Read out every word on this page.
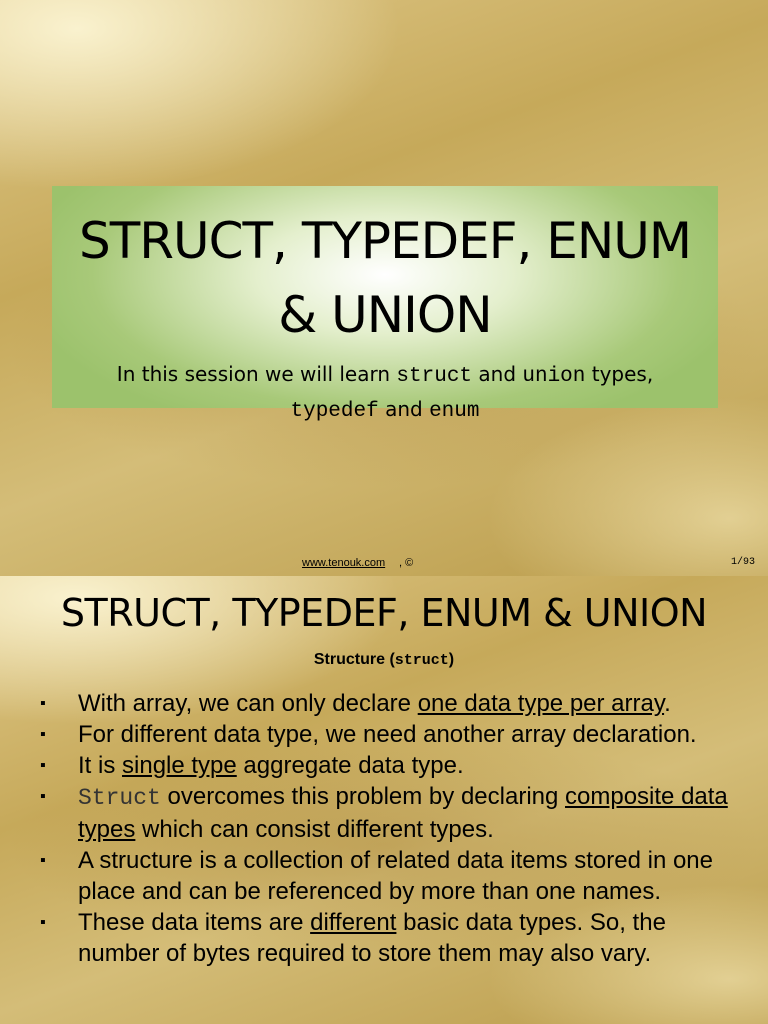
STRUCT, TYPEDEF, ENUM
& UNION
In this session we will learn struct and union types,
typedef and enum
www.tenouk.com , ©	1/93
STRUCT, TYPEDEF, ENUM & UNION
Structure (struct)
▪ With array, we can only declare one data type per array.
▪ For different data type, we need another array declaration.
▪ It is single type aggregate data type.
▪ Struct overcomes this problem by declaring composite data types which can consist different types.
▪ A structure is a collection of related data items stored in one place and can be referenced by more than one names.
▪ These data items are different basic data types. So, the number of bytes required to store them may also vary.
